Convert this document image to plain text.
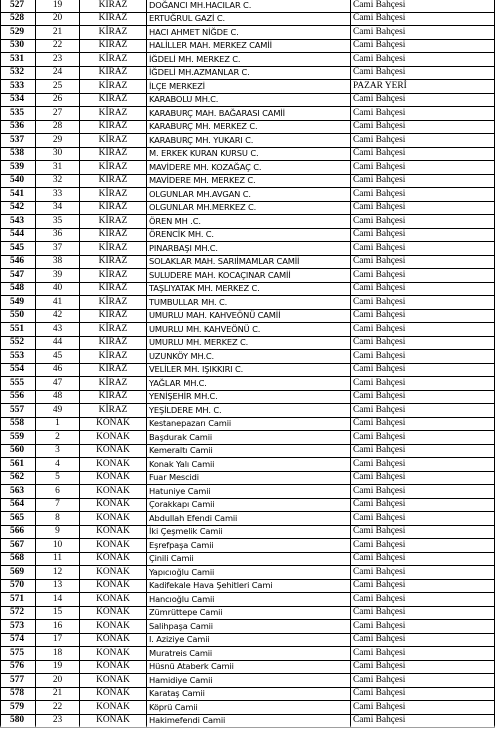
527	19	KİRAZ	DOĞANCI MH.HACILAR C.	Cami Bahçesi
528	20	KİRAZ	ERTUĞRUL GAZİ C.	Cami Bahçesi
529	21	KİRAZ	HACI AHMET NİĞDE C.	Cami Bahçesi
530	22	KİRAZ	HALİLLER MAH. MERKEZ CAMİİ	Cami Bahçesi
531	23	KİRAZ	İĞDELİ MH. MERKEZ C.	Cami Bahçesi
532	24	KİRAZ	İĞDELİ MH.AZMANLAR C.	Cami Bahçesi
533	25	KİRAZ	İLÇE MERKEZİ	PAZAR YERİ
534	26	KİRAZ	KARABOLU MH.C.	Cami Bahçesi
535	27	KİRAZ	KARABURÇ MAH. BAĞARASI CAMİİ	Cami Bahçesi
536	28	KİRAZ	KARABURÇ MH. MERKEZ C.	Cami Bahçesi
537	29	KİRAZ	KARABURÇ MH. YUKARI C.	Cami Bahçesi
538	30	KİRAZ	M. ERKEK KURAN KURSU C.	Cami Bahçesi
539	31	KİRAZ	MAVİDERE MH. KOZAĞAÇ C.	Cami Bahçesi
540	32	KİRAZ	MAVİDERE MH. MERKEZ C.	Cami Bahçesi
541	33	KİRAZ	OLGUNLAR MH.AVGAN C.	Cami Bahçesi
542	34	KİRAZ	OLGUNLAR MH.MERKEZ C.	Cami Bahçesi
543	35	KİRAZ	ÖREN MH .C.	Cami Bahçesi
544	36	KİRAZ	ÖRENCİK MH. C.	Cami Bahçesi
545	37	KİRAZ	PINARBAŞI MH.C.	Cami Bahçesi
546	38	KİRAZ	SOLAKLAR MAH. SARIİMAMLAR CAMİİ	Cami Bahçesi
547	39	KİRAZ	SULUDERE MAH. KOCAÇINAR CAMİİ	Cami Bahçesi
548	40	KİRAZ	TAŞLIYATAK MH. MERKEZ C.	Cami Bahçesi
549	41	KİRAZ	TUMBULLAR MH. C.	Cami Bahçesi
550	42	KİRAZ	UMURLU MAH. KAHVEÖNÜ CAMİİ	Cami Bahçesi
551	43	KİRAZ	UMURLU MH. KAHVEÖNÜ C.	Cami Bahçesi
552	44	KİRAZ	UMURLU MH. MERKEZ C.	Cami Bahçesi
553	45	KİRAZ	UZUNKÖY MH.C.	Cami Bahçesi
554	46	KİRAZ	VELİLER MH. IŞIKKIRI C.	Cami Bahçesi
555	47	KİRAZ	YAĞLAR MH.C.	Cami Bahçesi
556	48	KİRAZ	YENİŞEHİR MH.C.	Cami Bahçesi
557	49	KİRAZ	YEŞİLDERE MH. C.	Cami Bahçesi
558	1	KONAK	Kestanepazarı Camii	Cami Bahçesi
559	2	KONAK	Başdurak Camii	Cami Bahçesi
560	3	KONAK	Kemeraltı Camii	Cami Bahçesi
561	4	KONAK	Konak Yalı Camii	Cami Bahçesi
562	5	KONAK	Fuar Mescidi	Cami Bahçesi
563	6	KONAK	Hatuniye Camii	Cami Bahçesi
564	7	KONAK	Çorakkapı Camii	Cami Bahçesi
565	8	KONAK	Abdullah Efendi Camii	Cami Bahçesi
566	9	KONAK	İki Çeşmelik Camii	Cami Bahçesi
567	10	KONAK	Eşrefpaşa Camii	Cami Bahçesi
568	11	KONAK	Çinili Camii	Cami Bahçesi
569	12	KONAK	Yapıcıoğlu Camii	Cami Bahçesi
570	13	KONAK	Kadifekale Hava Şehitleri Cami	Cami Bahçesi
571	14	KONAK	Hancıoğlu Camii	Cami Bahçesi
572	15	KONAK	Zümrüttepe Camii	Cami Bahçesi
573	16	KONAK	Salihpaşa Camii	Cami Bahçesi
574	17	KONAK	I. Aziziye Camii	Cami Bahçesi
575	18	KONAK	Muratreis Camii	Cami Bahçesi
576	19	KONAK	Hüsnü Ataberk Camii	Cami Bahçesi
577	20	KONAK	Hamidiye Camii	Cami Bahçesi
578	21	KONAK	Karataş Camii	Cami Bahçesi
579	22	KONAK	Köprü Camii	Cami Bahçesi
580	23	KONAK	Hakimefendi Camii	Cami Bahçesi
